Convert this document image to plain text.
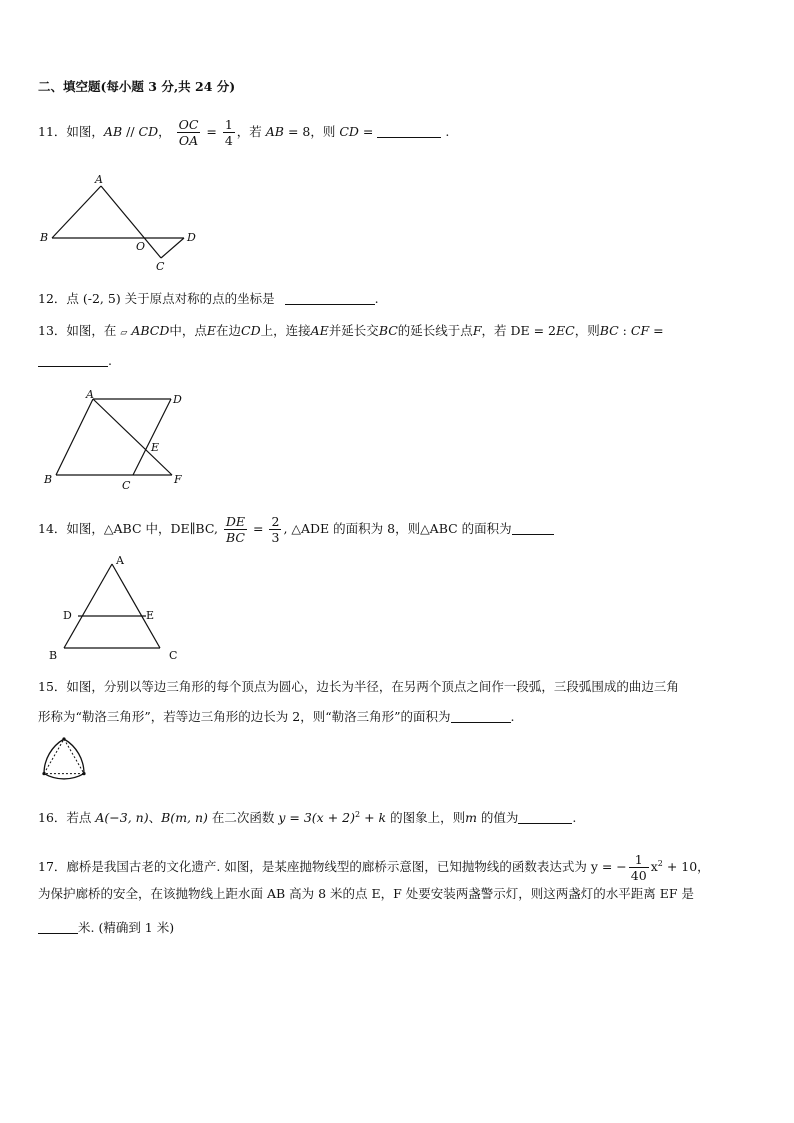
二、填空题(每小题 3 分,共 24 分)
11．如图，AB // CD， $\frac{OC}{OA} = \frac{1}{4}$ ，若 AB = 8，则 CD =	.
A
B
O
D
C
12．点 (-2, 5) 关于原点对称的点的坐标是	.
13．如图，在 ▱ ABCD中，点E在边CD上，连接AE并延长交BC的延长线于点F，若 DE = 2EC，则BC : CF =
.
A	D
E
B	C	F
14．如图，△ABC 中，DE∥BC, $\frac{DE}{BC} = \frac{2}{3}$ , △ADE 的面积为 8，则△ABC 的面积为
A
D	E
B	C
15．如图，分别以等边三角形的每个顶点为圆心，边长为半径，在另两个顶点之间作一段弧，三段弧围成的曲边三角
形称为“勒洛三角形”，若等边三角形的边长为 2，则“勒洛三角形”的面积为	.
16．若点 A(−3, n)、B(m, n) 在二次函数 $y = 3(x + 2)^2 + k$ 的图象上，则m 的值为	.
17．廊桥是我国古老的文化遗产. 如图，是某座抛物线型的廊桥示意图，已知抛物线的函数表达式为 y = − $\frac{1}{40} x^2 + 10$，
为保护廊桥的安全，在该抛物线上距水面 AB 高为 8 米的点 E，F 处要安装两盏警示灯，则这两盏灯的水平距离 EF 是
米. (精确到 1 米)
